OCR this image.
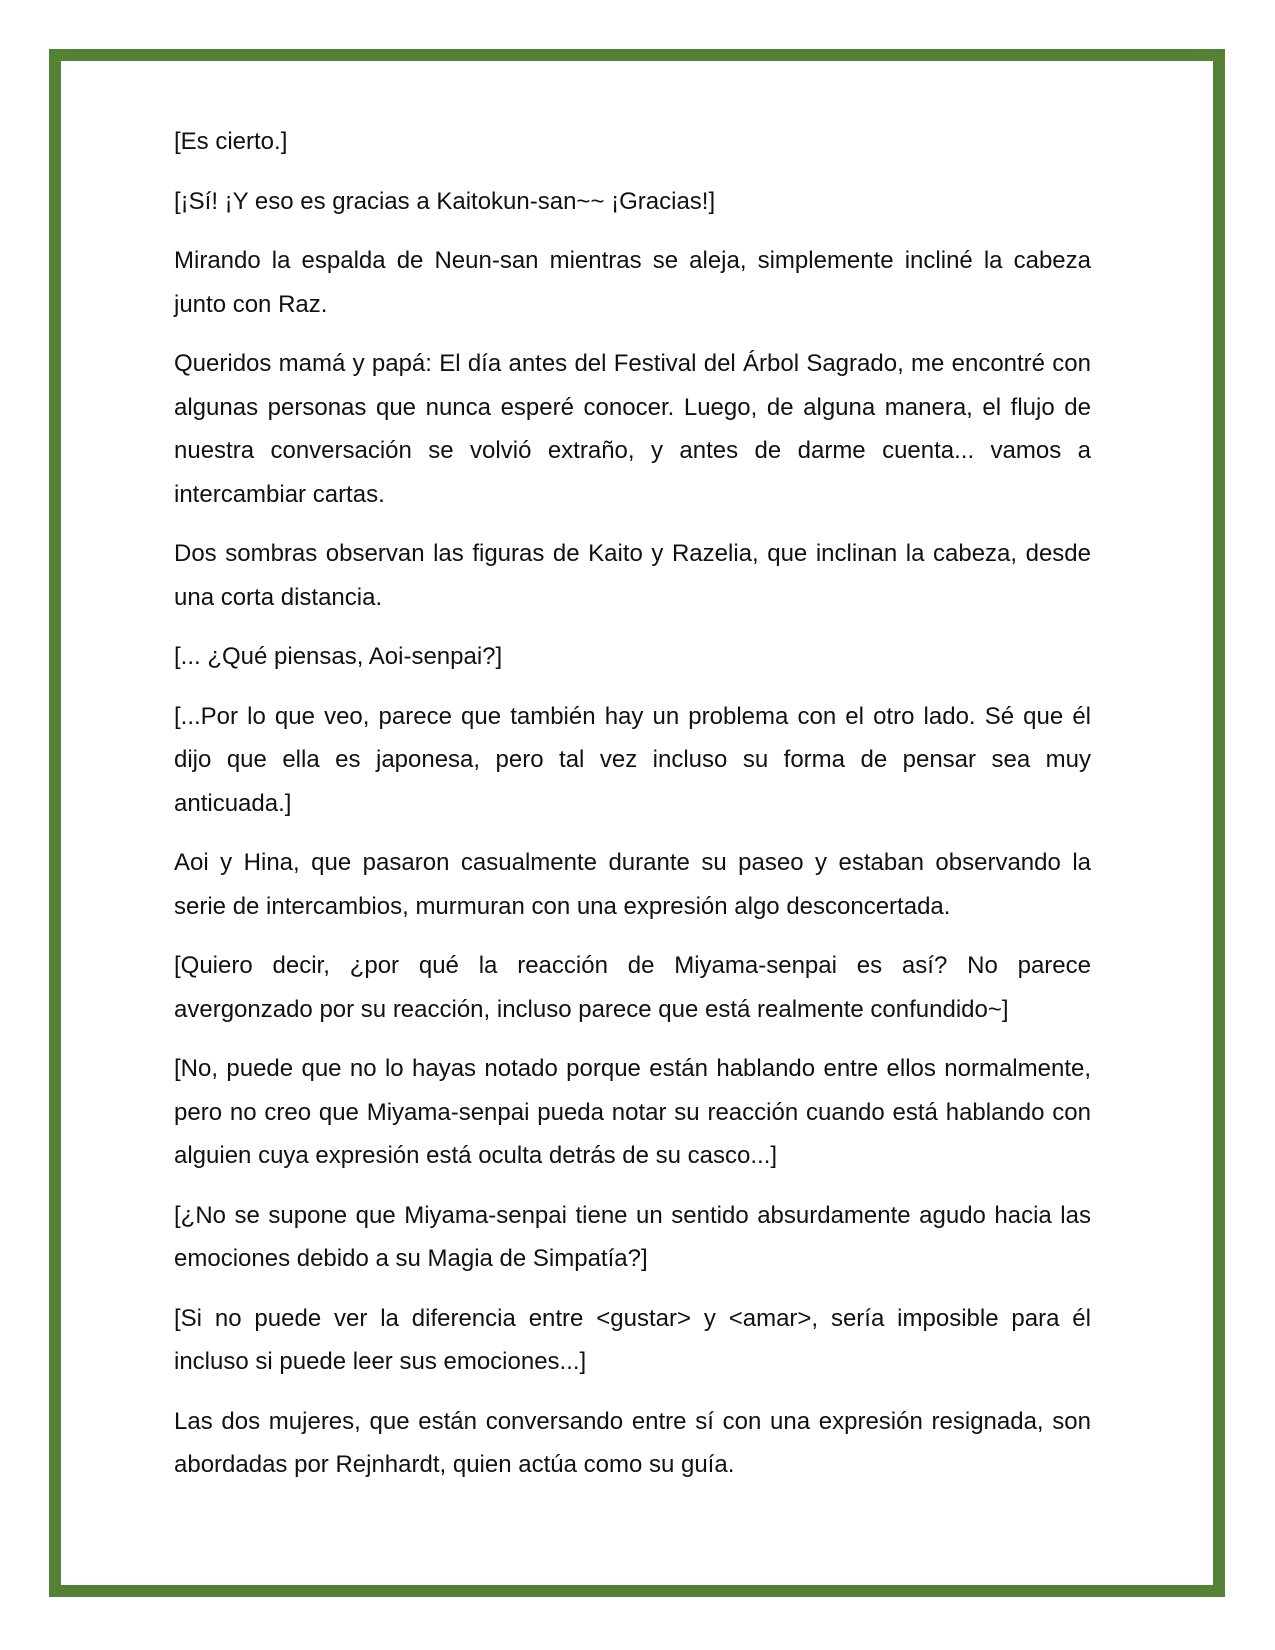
[Es cierto.]

[¡Sí! ¡Y eso es gracias a Kaitokun-san~~ ¡Gracias!]

Mirando la espalda de Neun-san mientras se aleja, simplemente incliné la cabeza junto con Raz.

Queridos mamá y papá: El día antes del Festival del Árbol Sagrado, me encontré con algunas personas que nunca esperé conocer. Luego, de alguna manera, el flujo de nuestra conversación se volvió extraño, y antes de darme cuenta... vamos a intercambiar cartas.

Dos sombras observan las figuras de Kaito y Razelia, que inclinan la cabeza, desde una corta distancia.

[... ¿Qué piensas, Aoi-senpai?]

[...Por lo que veo, parece que también hay un problema con el otro lado. Sé que él dijo que ella es japonesa, pero tal vez incluso su forma de pensar sea muy anticuada.]

Aoi y Hina, que pasaron casualmente durante su paseo y estaban observando la serie de intercambios, murmuran con una expresión algo desconcertada.

[Quiero decir, ¿por qué la reacción de Miyama-senpai es así? No parece avergonzado por su reacción, incluso parece que está realmente confundido~]

[No, puede que no lo hayas notado porque están hablando entre ellos normalmente, pero no creo que Miyama-senpai pueda notar su reacción cuando está hablando con alguien cuya expresión está oculta detrás de su casco...]

[¿No se supone que Miyama-senpai tiene un sentido absurdamente agudo hacia las emociones debido a su Magia de Simpatía?]

[Si no puede ver la diferencia entre <gustar> y <amar>, sería imposible para él incluso si puede leer sus emociones...]

Las dos mujeres, que están conversando entre sí con una expresión resignada, son abordadas por Rejnhardt, quien actúa como su guía.
